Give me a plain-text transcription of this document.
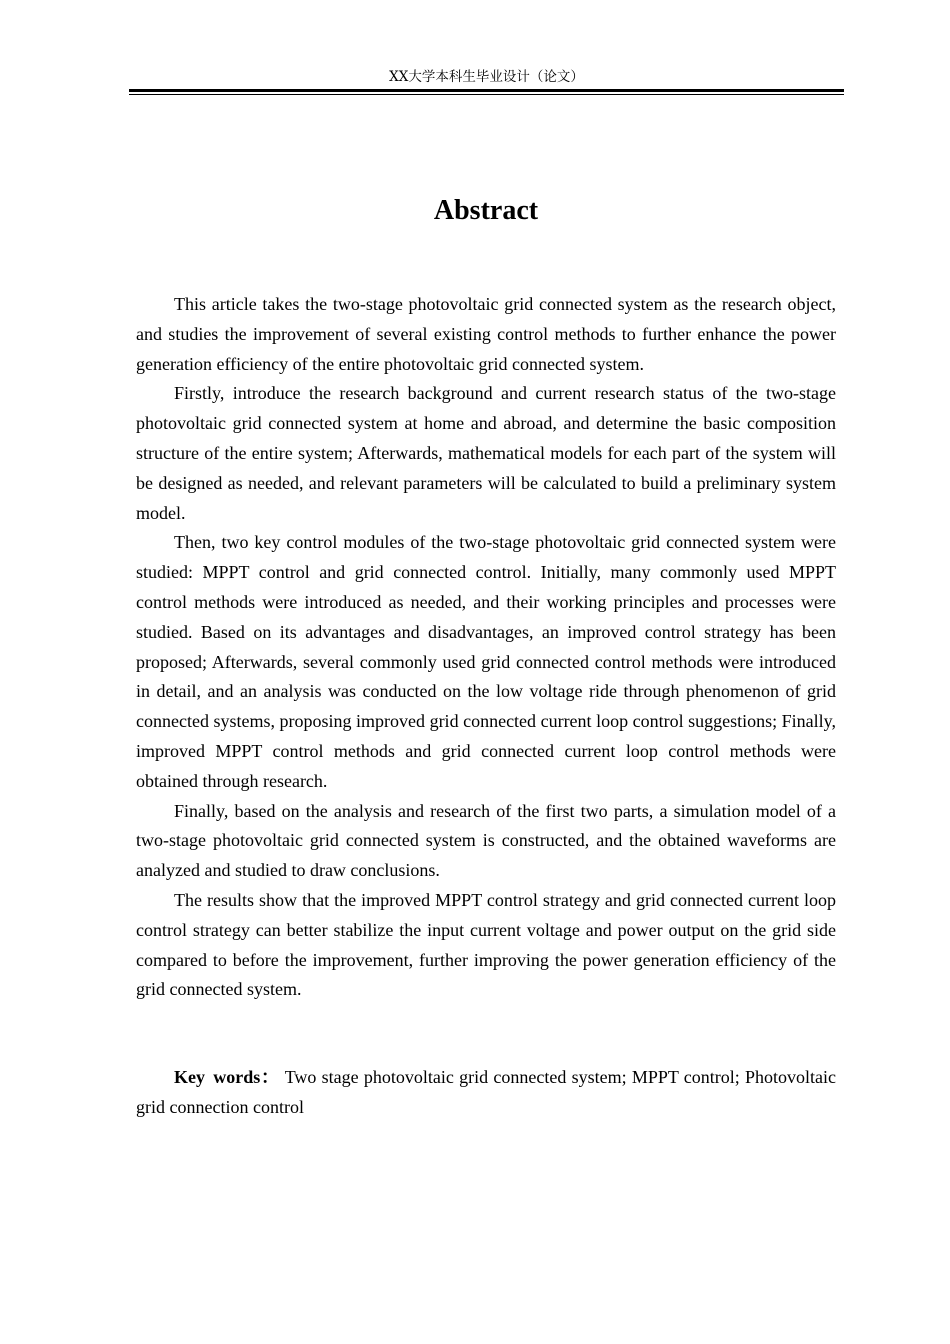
XX大学本科生毕业设计（论文）
Abstract

This article takes the two-stage photovoltaic grid connected system as the research object, and studies the improvement of several existing control methods to further enhance the power generation efficiency of the entire photovoltaic grid connected system.

Firstly, introduce the research background and current research status of the two-stage photovoltaic grid connected system at home and abroad, and determine the basic composition structure of the entire system; Afterwards, mathematical models for each part of the system will be designed as needed, and relevant parameters will be calculated to build a preliminary system model.

Then, two key control modules of the two-stage photovoltaic grid connected system were studied: MPPT control and grid connected control. Initially, many commonly used MPPT control methods were introduced as needed, and their working principles and processes were studied. Based on its advantages and disadvantages, an improved control strategy has been proposed; Afterwards, several commonly used grid connected control methods were introduced in detail, and an analysis was conducted on the low voltage ride through phenomenon of grid connected systems, proposing improved grid connected current loop control suggestions; Finally, improved MPPT control methods and grid connected current loop control methods were obtained through research.

Finally, based on the analysis and research of the first two parts, a simulation model of a two-stage photovoltaic grid connected system is constructed, and the obtained waveforms are analyzed and studied to draw conclusions.

The results show that the improved MPPT control strategy and grid connected current loop control strategy can better stabilize the input current voltage and power output on the grid side compared to before the improvement, further improving the power generation efficiency of the grid connected system.

Key words： Two stage photovoltaic grid connected system; MPPT control; Photovoltaic grid connection control
